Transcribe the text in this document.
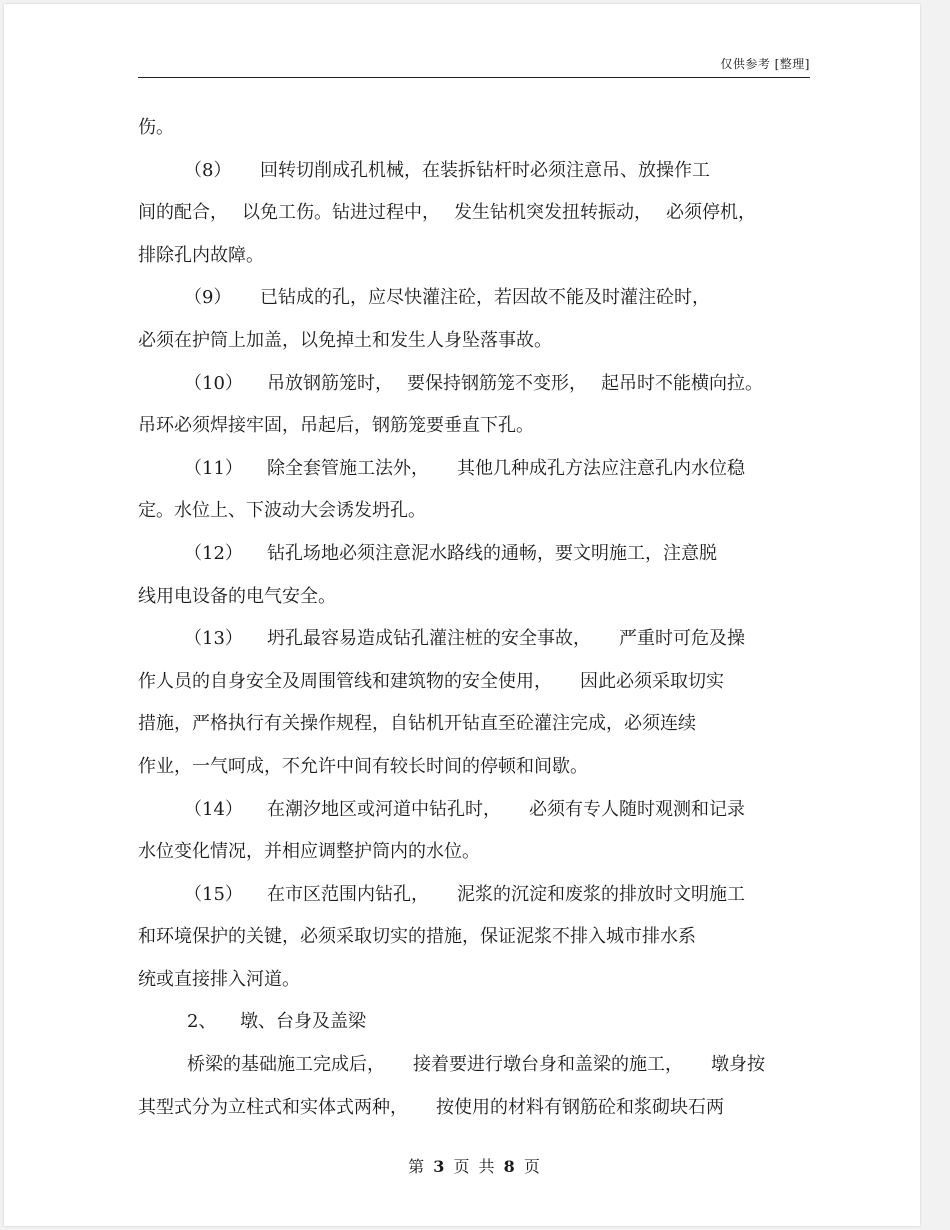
仅供参考 [整理]
伤。
（8） 回转切削成孔机械，在装拆钻杆时必须注意吊、放操作工
间的配合， 以免工伤。钻进过程中， 发生钻机突发扭转振动， 必须停机，
排除孔内故障。
（9） 已钻成的孔，应尽快灌注砼，若因故不能及时灌注砼时，
必须在护筒上加盖，以免掉土和发生人身坠落事故。
（10） 吊放钢筋笼时， 要保持钢筋笼不变形， 起吊时不能横向拉。
吊环必须焊接牢固，吊起后，钢筋笼要垂直下孔。
（11） 除全套管施工法外， 其他几种成孔方法应注意孔内水位稳
定。水位上、下波动大会诱发坍孔。
（12） 钻孔场地必须注意泥水路线的通畅，要文明施工，注意脱
线用电设备的电气安全。
（13） 坍孔最容易造成钻孔灌注桩的安全事故， 严重时可危及操
作人员的自身安全及周围管线和建筑物的安全使用， 因此必须采取切实
措施，严格执行有关操作规程，自钻机开钻直至砼灌注完成，必须连续
作业，一气呵成，不允许中间有较长时间的停顿和间歇。
（14） 在潮汐地区或河道中钻孔时， 必须有专人随时观测和记录
水位变化情况，并相应调整护筒内的水位。
（15） 在市区范围内钻孔， 泥浆的沉淀和废浆的排放时文明施工
和环境保护的关键，必须采取切实的措施，保证泥浆不排入城市排水系
统或直接排入河道。
2、 墩、台身及盖梁
桥梁的基础施工完成后， 接着要进行墩台身和盖梁的施工， 墩身按
其型式分为立柱式和实体式两种， 按使用的材料有钢筋砼和浆砌块石两
第 3 页 共 8 页
